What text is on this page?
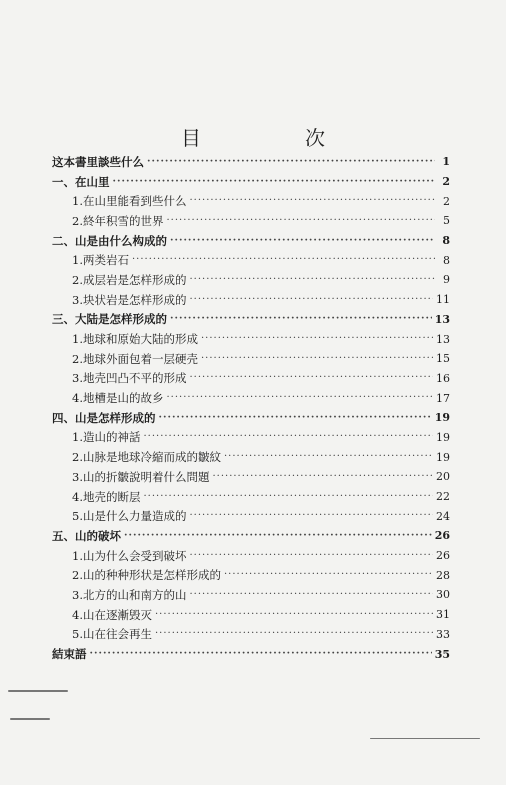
目　次
这本書里談些什么 ·····	1
一、在山里 ·····	2
1.在山里能看到些什么 ·····	2
2.終年积雪的世界 ·····	5
二、山是由什么构成的 ·····	8
1.两类岩石 ·····	8
2.成层岩是怎样形成的 ·····	9
3.块状岩是怎样形成的 ·····	11
三、大陆是怎样形成的 ·····	13
1.地球和原始大陆的形成 ·····	13
2.地球外面包着一层硬壳 ·····	15
3.地壳凹凸不平的形成 ·····	16
4.地槽是山的故乡 ·····	17
四、山是怎样形成的 ·····	19
1.造山的神話 ·····	19
2.山脉是地球冷縮而成的皺紋 ·····	19
3.山的折皺說明着什么問題 ·····	20
4.地壳的断层 ·····	22
5.山是什么力量造成的 ·····	24
五、山的破坏 ·····	26
1.山为什么会受到破坏 ·····	26
2.山的种种形状是怎样形成的 ·····	28
3.北方的山和南方的山 ·····	30
4.山在逐漸毁灭 ·····	31
5.山在往会再生 ·····	33
結束語 ·····	35
